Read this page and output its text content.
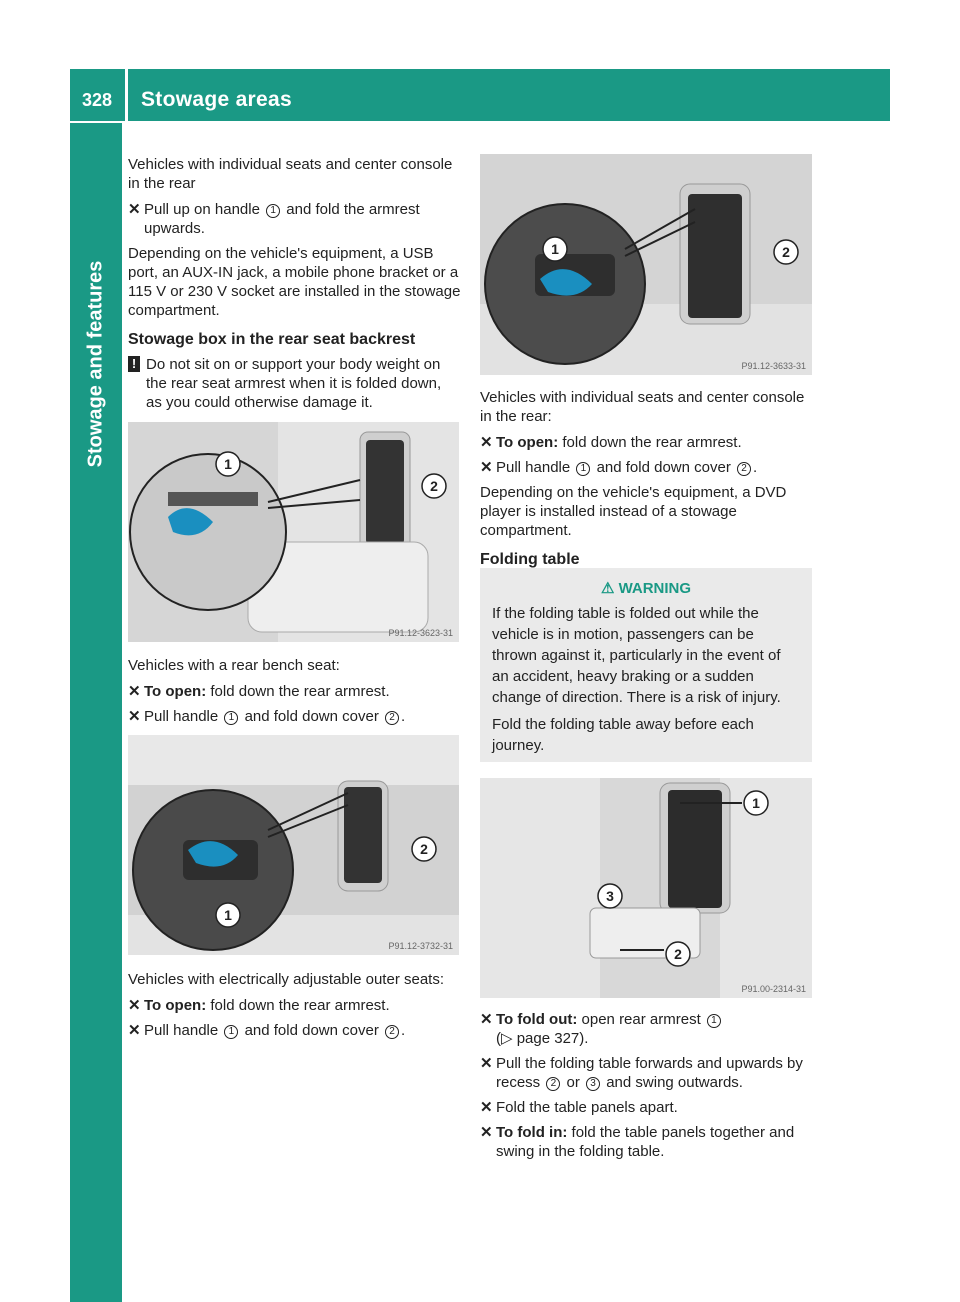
328 Stowage areas
Stowage and features

Vehicles with individual seats and center console in the rear

✕ Pull up on handle 1 and fold the armrest upwards.

Depending on the vehicle's equipment, a USB port, an AUX-IN jack, a mobile phone bracket or a 115 V or 230 V socket are installed in the stowage compartment.

Stowage box in the rear seat backrest
! Do not sit on or support your body weight on the rear seat armrest when it is folded down, as you could otherwise damage it.
1
2
P91.12-3623-31

Vehicles with a rear bench seat:

✕ To open: fold down the rear armrest.
✕ Pull handle 1 and fold down cover 2 .
1
2
P91.12-3732-31

Vehicles with electrically adjustable outer seats:

✕ To open: fold down the rear armrest.
✕ Pull handle 1 and fold down cover 2 .
1	2
P91.12-3633-31

Vehicles with individual seats and center console in the rear:

✕ To open: fold down the rear armrest.
✕ Pull handle 1 and fold down cover 2 .

Depending on the vehicle's equipment, a DVD player is installed instead of a stowage compartment.

Folding table
⚠ WARNING

If the folding table is folded out while the vehicle is in motion, passengers can be thrown against it, particularly in the event of an accident, heavy braking or a sudden change of direction. There is a risk of injury.

Fold the folding table away before each journey.

1
3
2
P91.00-2314-31
✕ To fold out: open rear armrest 1
(▷ page 327).
✕ Pull the folding table forwards and upwards by recess 2 or 3 and swing outwards.
✕ Fold the table panels apart.
✕ To fold in: fold the table panels together and swing in the folding table.
